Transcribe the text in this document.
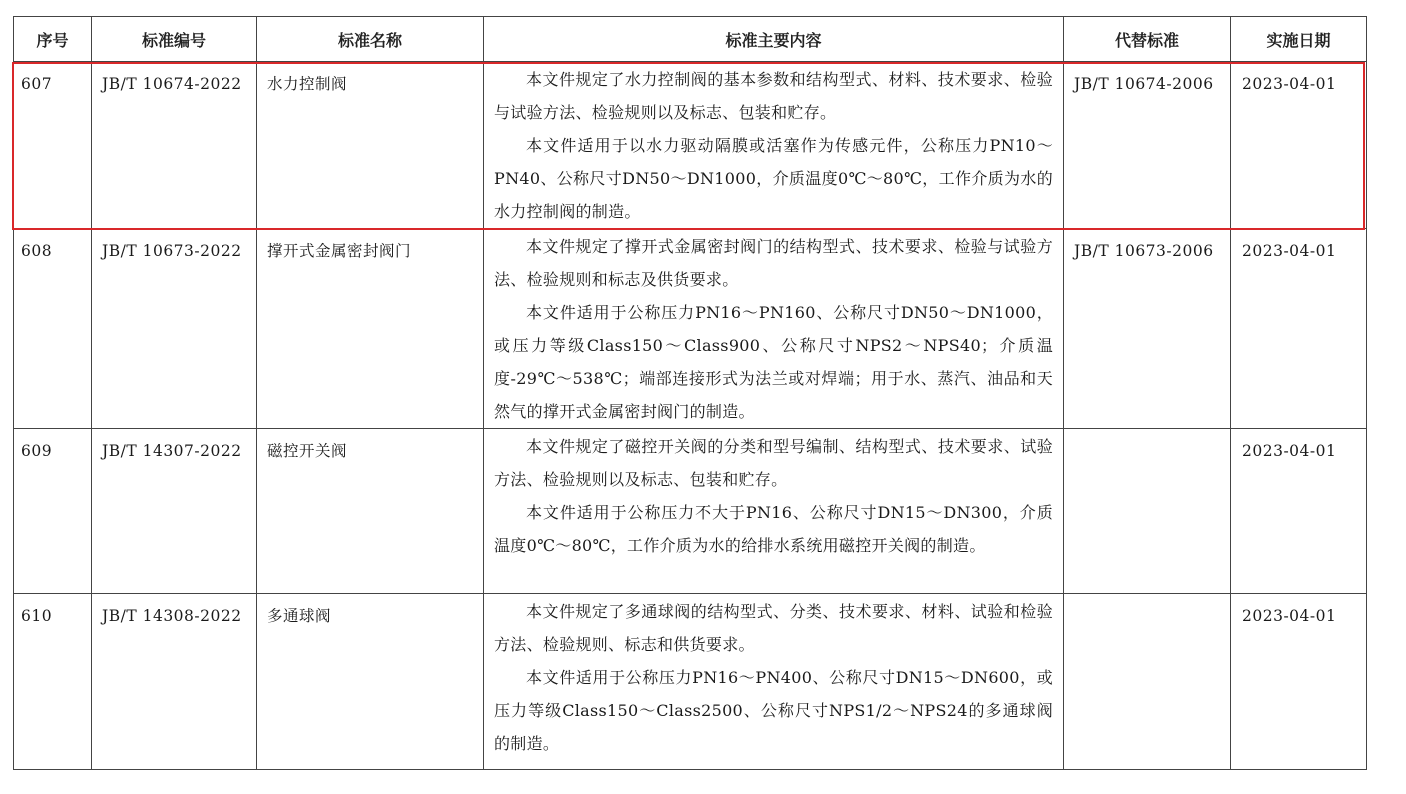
序号	标准编号	标准名称	标准主要内容	代替标准	实施日期

607	JB/T 10674-2022	水力控制阀	本文件规定了水力控制阀的基本参数和结构型式、材料、技术要求、检验与试验方法、检验规则以及标志、包装和贮存。

本文件适用于以水力驱动隔膜或活塞作为传感元件，公称压力PN10～PN40、公称尺寸DN50～DN1000，介质温度0℃～80℃，工作介质为水的水力控制阀的制造。	JB/T 10674-2006	2023-04-01

608	JB/T 10673-2022	撑开式金属密封阀门	本文件规定了撑开式金属密封阀门的结构型式、技术要求、检验与试验方法、检验规则和标志及供货要求。

本文件适用于公称压力PN16～PN160、公称尺寸DN50～DN1000，或压力等级Class150～Class900、公称尺寸NPS2～NPS40；介质温度-29℃～538℃；端部连接形式为法兰或对焊端；用于水、蒸汽、油品和天然气的撑开式金属密封阀门的制造。	JB/T 10673-2006	2023-04-01

609	JB/T 14307-2022	磁控开关阀	本文件规定了磁控开关阀的分类和型号编制、结构型式、技术要求、试验方法、检验规则以及标志、包装和贮存。

本文件适用于公称压力不大于PN16、公称尺寸DN15～DN300，介质温度0℃～80℃，工作介质为水的给排水系统用磁控开关阀的制造。		2023-04-01

610	JB/T 14308-2022	多通球阀	本文件规定了多通球阀的结构型式、分类、技术要求、材料、试验和检验方法、检验规则、标志和供货要求。

本文件适用于公称压力PN16～PN400、公称尺寸DN15～DN600，或压力等级Class150～Class2500、公称尺寸NPS1/2～NPS24的多通球阀的制造。		2023-04-01
